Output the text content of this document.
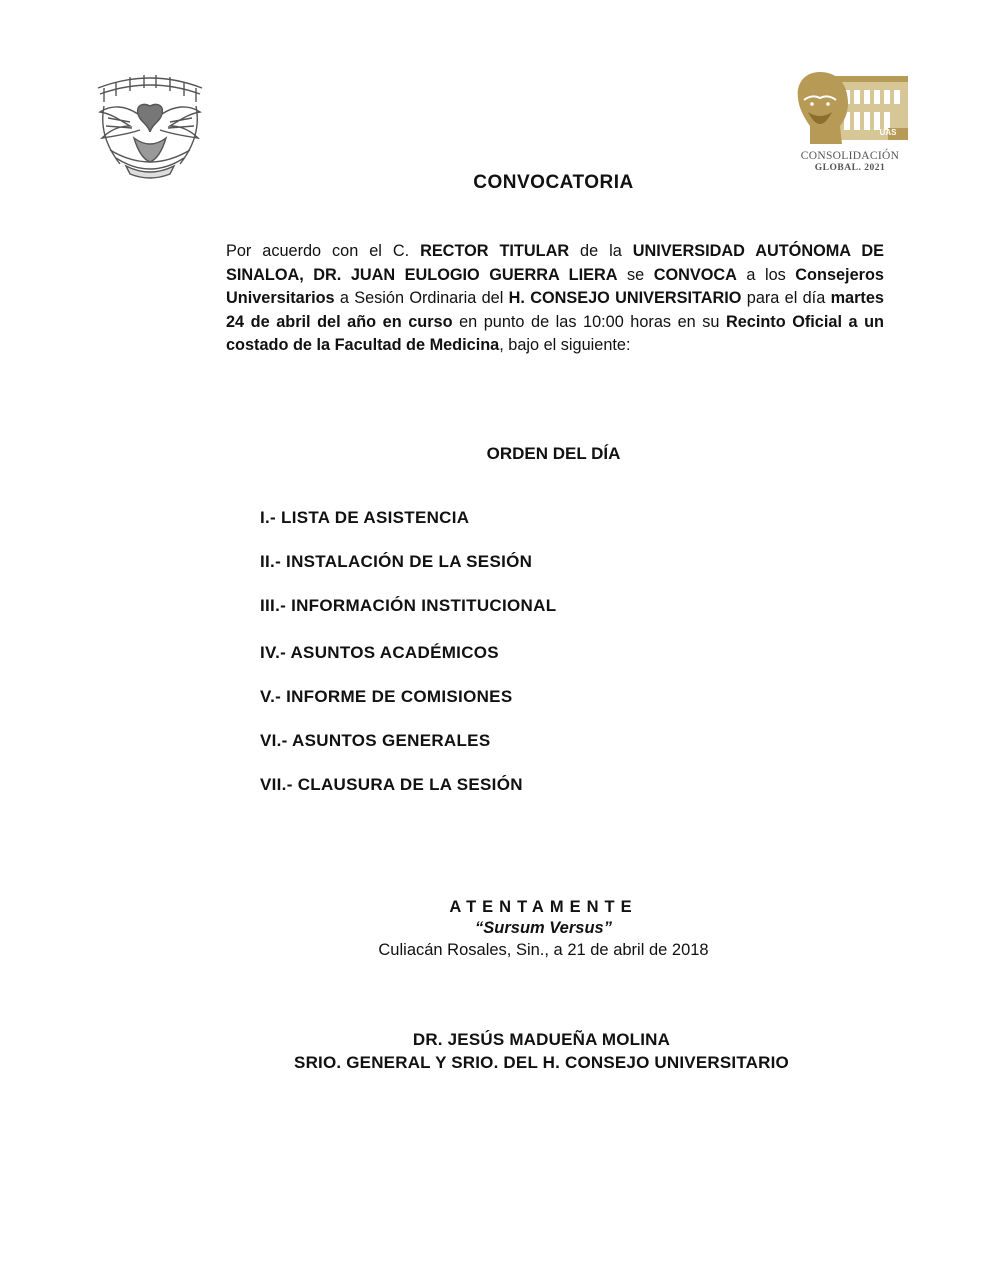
UAS
CONSOLIDACIÓN
GLOBAL. 2021
CONVOCATORIA

Por acuerdo con el C. RECTOR TITULAR de la UNIVERSIDAD AUTÓNOMA DE SINALOA, DR. JUAN EULOGIO GUERRA LIERA se CONVOCA a los Consejeros Universitarios a Sesión Ordinaria del H. CONSEJO UNIVERSITARIO para el día martes 24 de abril del año en curso en punto de las 10:00 horas en su Recinto Oficial a un costado de la Facultad de Medicina, bajo el siguiente:

ORDEN DEL DÍA
I.- LISTA DE ASISTENCIA
II.- INSTALACIÓN DE LA SESIÓN
III.- INFORMACIÓN INSTITUCIONAL
IV.- ASUNTOS ACADÉMICOS
V.- INFORME DE COMISIONES
VI.- ASUNTOS GENERALES
VII.- CLAUSURA DE LA SESIÓN
ATENTAMENTE
“Sursum Versus”
Culiacán Rosales, Sin., a 21 de abril de 2018
DR. JESÚS MADUEÑA MOLINA
SRIO. GENERAL Y SRIO. DEL H. CONSEJO UNIVERSITARIO
